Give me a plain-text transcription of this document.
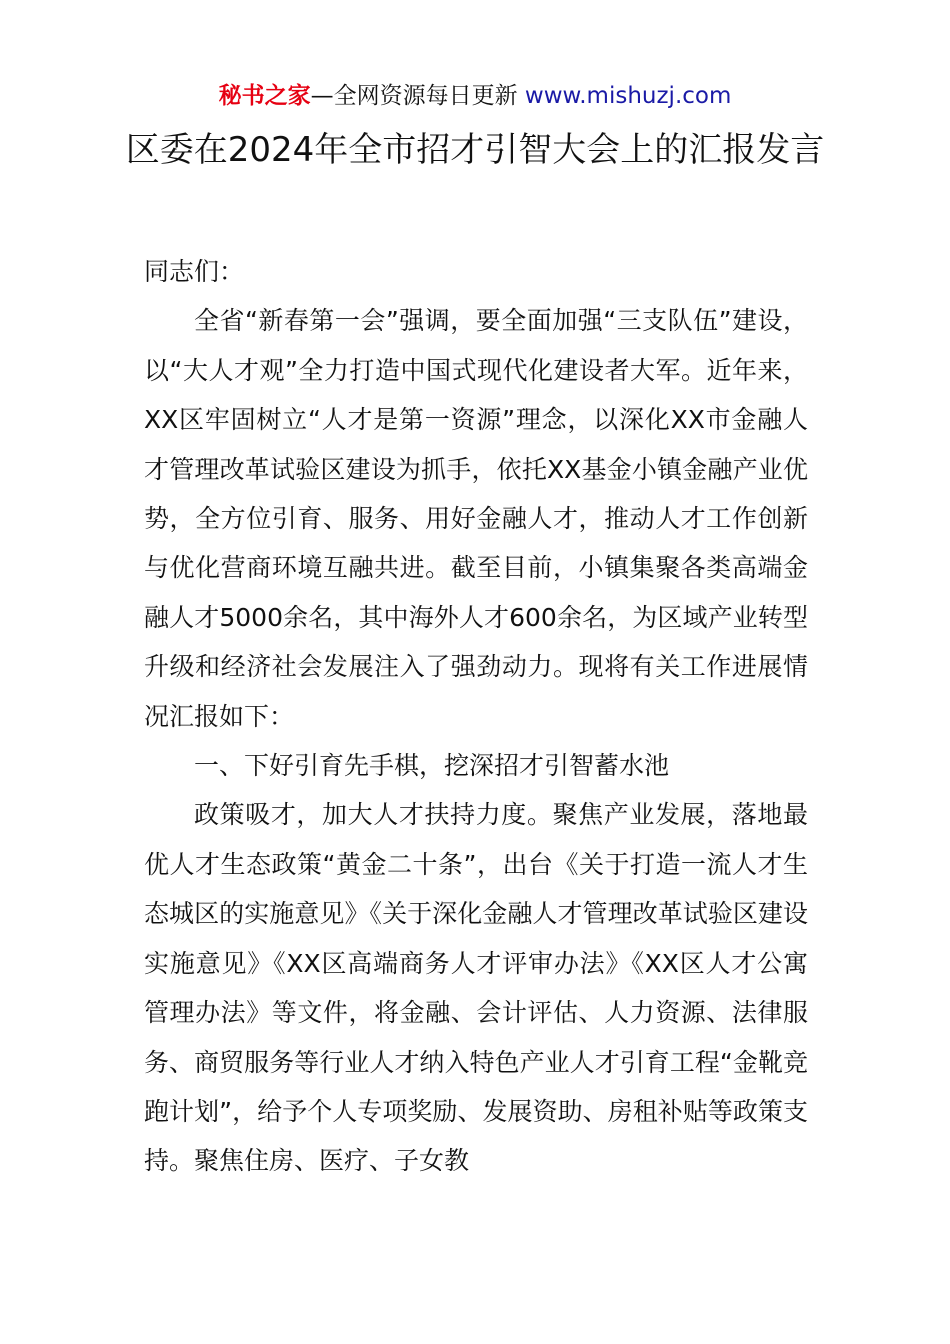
秘书之家—全网资源每日更新 www.mishuzj.com
区委在2024年全市招才引智大会上的汇报发言

同志们：

全省“新春第一会”强调，要全面加强“三支队伍”建设，以“大人才观”全力打造中国式现代化建设者大军。近年来，XX区牢固树立“人才是第一资源”理念，以深化XX市金融人才管理改革试验区建设为抓手，依托XX基金小镇金融产业优势，全方位引育、服务、用好金融人才，推动人才工作创新与优化营商环境互融共进。截至目前，小镇集聚各类高端金融人才5000余名，其中海外人才600余名，为区域产业转型升级和经济社会发展注入了强劲动力。现将有关工作进展情况汇报如下：

一、下好引育先手棋，挖深招才引智蓄水池

政策吸才，加大人才扶持力度。聚焦产业发展，落地最优人才生态政策“黄金二十条”，出台《关于打造一流人才生态城区的实施意见》《关于深化金融人才管理改革试验区建设实施意见》《XX区高端商务人才评审办法》《XX区人才公寓管理办法》等文件，将金融、会计评估、人力资源、法律服务、商贸服务等行业人才纳入特色产业人才引育工程“金靴竞跑计划”，给予个人专项奖励、发展资助、房租补贴等政策支持。聚焦住房、医疗、子女教
